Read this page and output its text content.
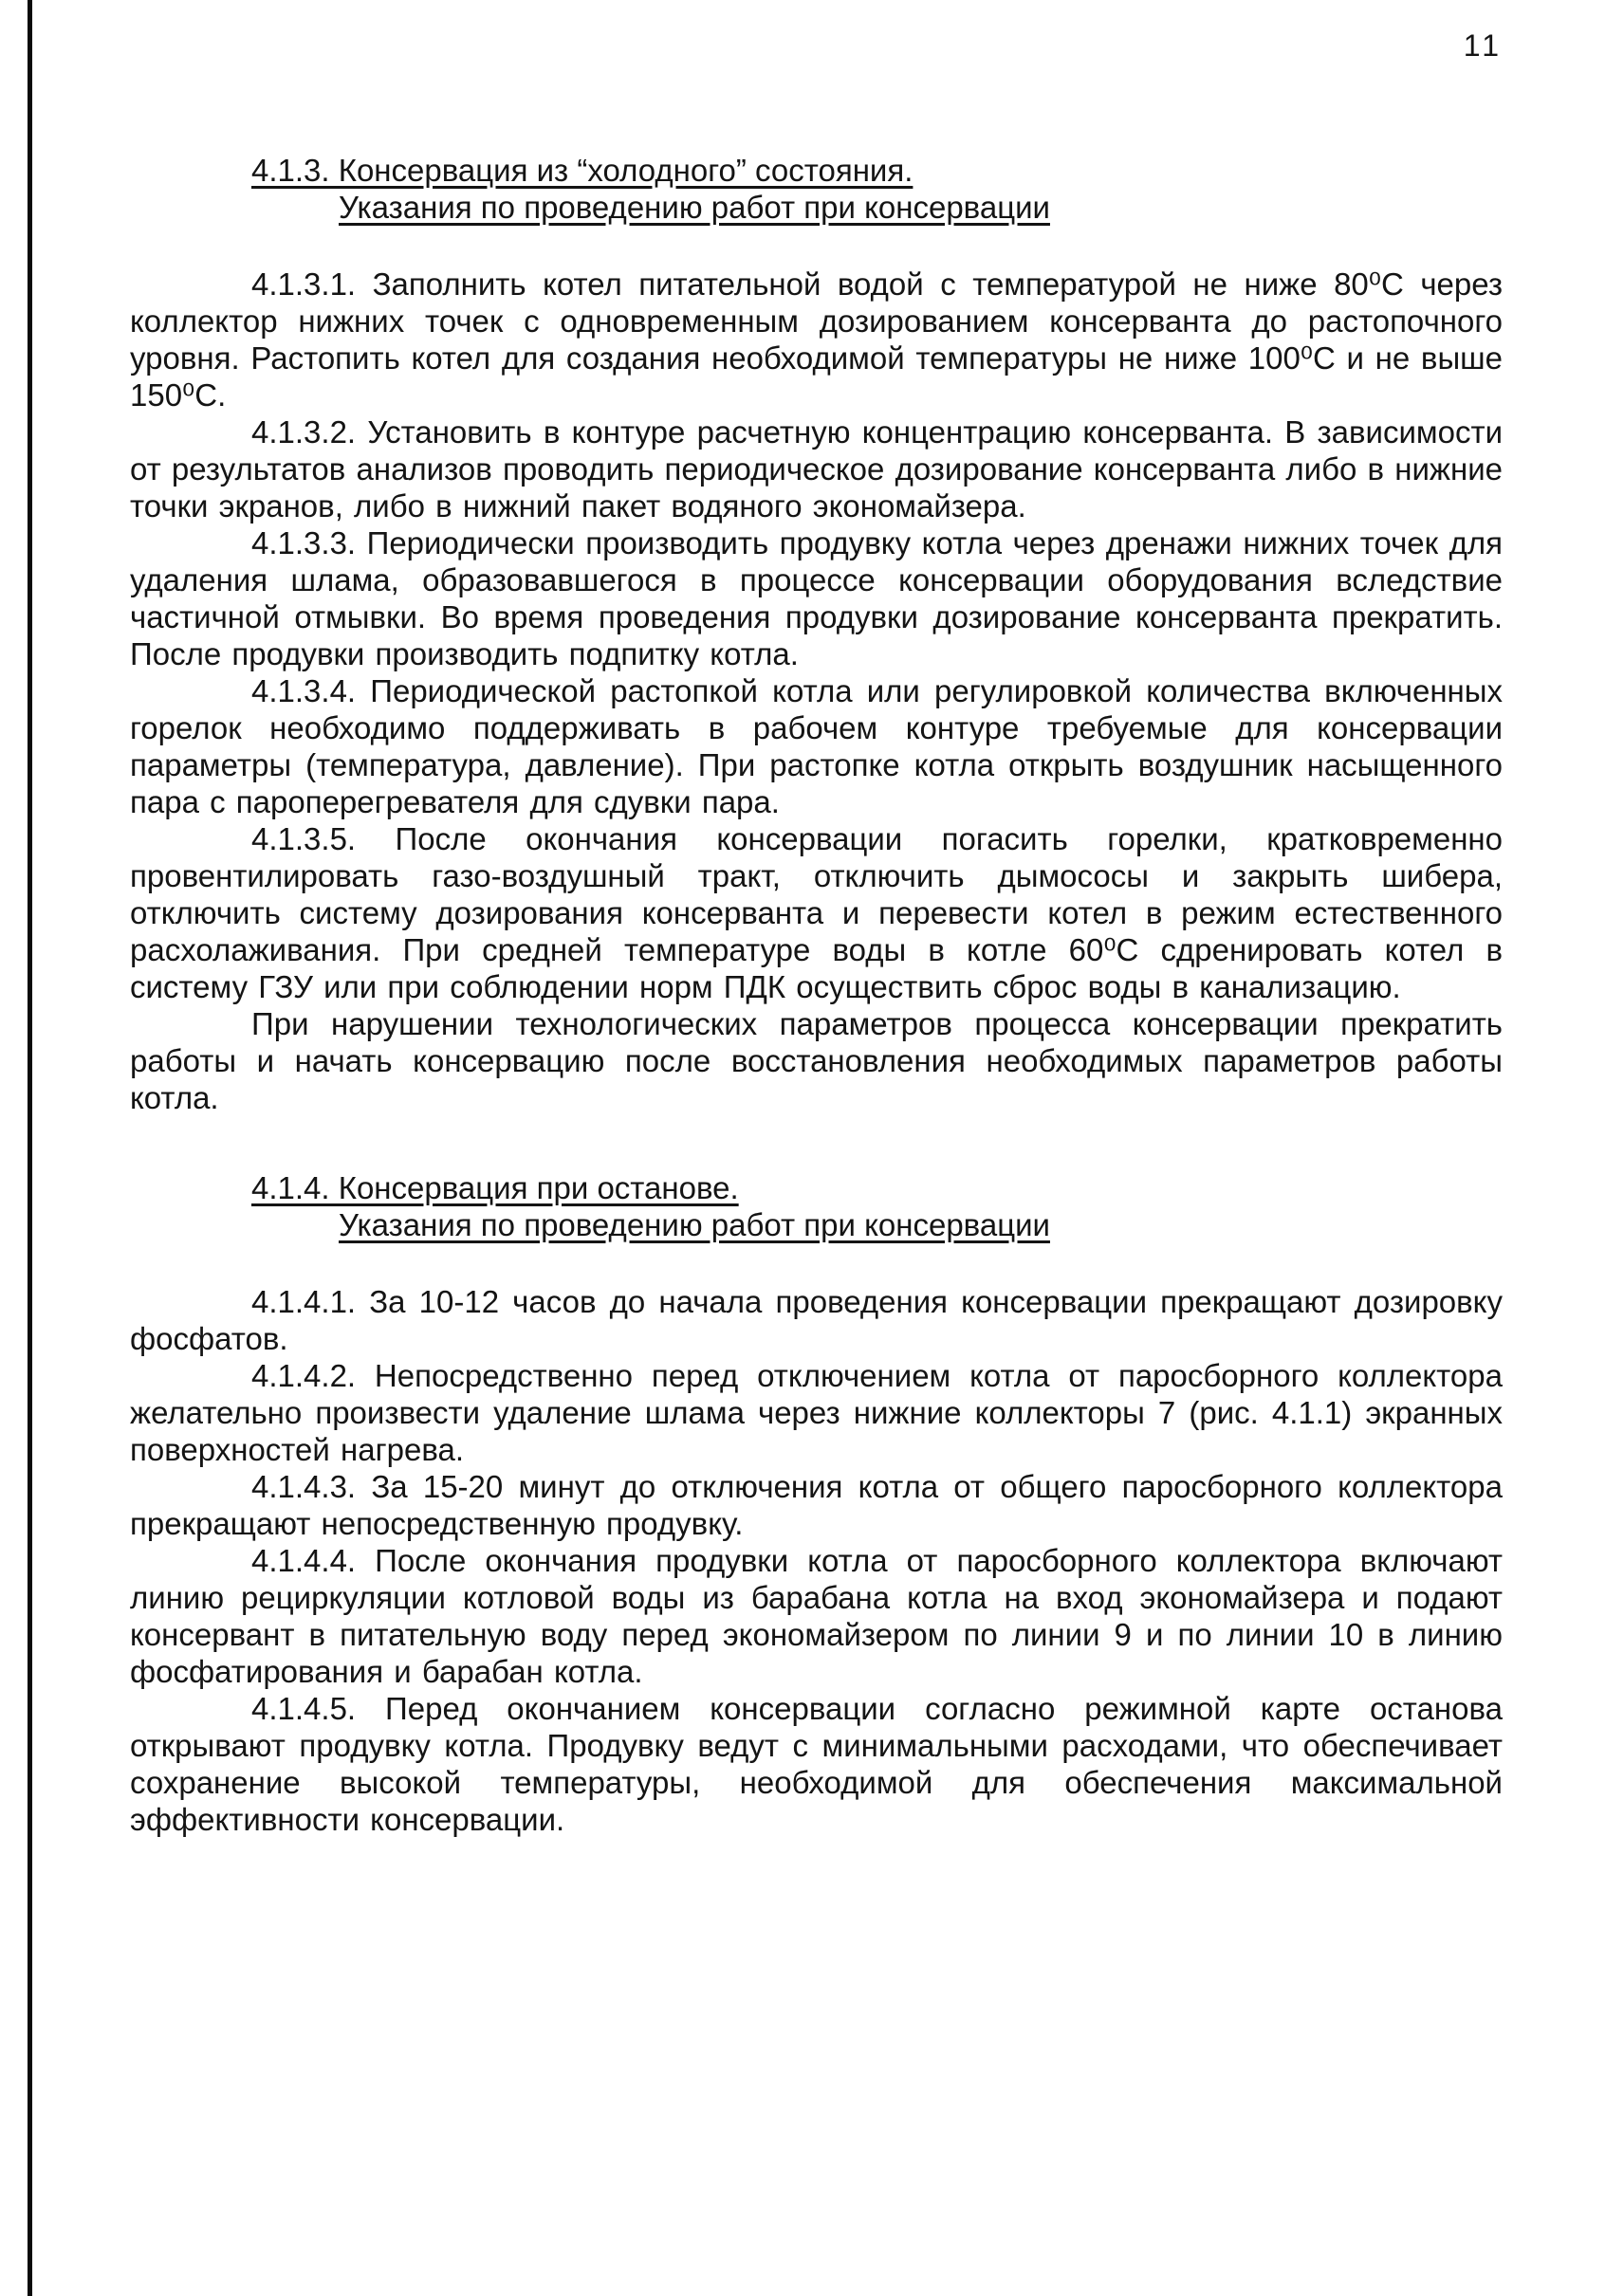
11
4.1.3. Консервация из “холодного” состояния.
Указания по проведению работ при консервации

4.1.3.1. Заполнить котел питательной водой с температурой не ниже 80⁰С через коллектор нижних точек с одновременным дозированием консерванта до растопочного уровня. Растопить котел для создания необходимой температуры не ниже 100⁰С и не выше 150⁰С.

4.1.3.2. Установить в контуре расчетную концентрацию консерванта. В зависимости от результатов анализов проводить периодическое дозирование консерванта либо в нижние точки экранов, либо в нижний пакет водяного экономайзера.

4.1.3.3. Периодически производить продувку котла через дренажи нижних точек для удаления шлама, образовавшегося в процессе консервации оборудования вследствие частичной отмывки. Во время проведения продувки дозирование консерванта прекратить. После продувки производить подпитку котла.

4.1.3.4. Периодической растопкой котла или регулировкой количества включенных горелок необходимо поддерживать в рабочем контуре требуемые для консервации параметры (температура, давление). При растопке котла открыть воздушник насыщенного пара с пароперегревателя для сдувки пара.

4.1.3.5. После окончания консервации погасить горелки, кратковременно провентилировать газо-воздушный тракт, отключить дымососы и закрыть шибера, отключить систему дозирования консерванта и перевести котел в режим естественного расхолаживания. При средней температуре воды в котле 60⁰С сдренировать котел в систему ГЗУ или при соблюдении норм ПДК осуществить сброс воды в канализацию.

При нарушении технологических параметров процесса консервации прекратить работы и начать консервацию после восстановления необходимых параметров работы котла.

4.1.4. Консервация при останове.
Указания по проведению работ при консервации

4.1.4.1. За 10-12 часов до начала проведения консервации прекращают дозировку фосфатов.

4.1.4.2. Непосредственно перед отключением котла от паросборного коллектора желательно произвести удаление шлама через нижние коллекторы 7 (рис. 4.1.1) экранных поверхностей нагрева.

4.1.4.3. За 15-20 минут до отключения котла от общего паросборного коллектора прекращают непосредственную продувку.

4.1.4.4. После окончания продувки котла от паросборного коллектора включают линию рециркуляции котловой воды из барабана котла на вход экономайзера и подают консервант в питательную воду перед экономайзером по линии 9 и по линии 10 в линию фосфатирования и барабан котла.

4.1.4.5. Перед окончанием консервации согласно режимной карте останова открывают продувку котла. Продувку ведут с минимальными расходами, что обеспечивает сохранение высокой температуры, необходимой для обеспечения максимальной эффективности консервации.
